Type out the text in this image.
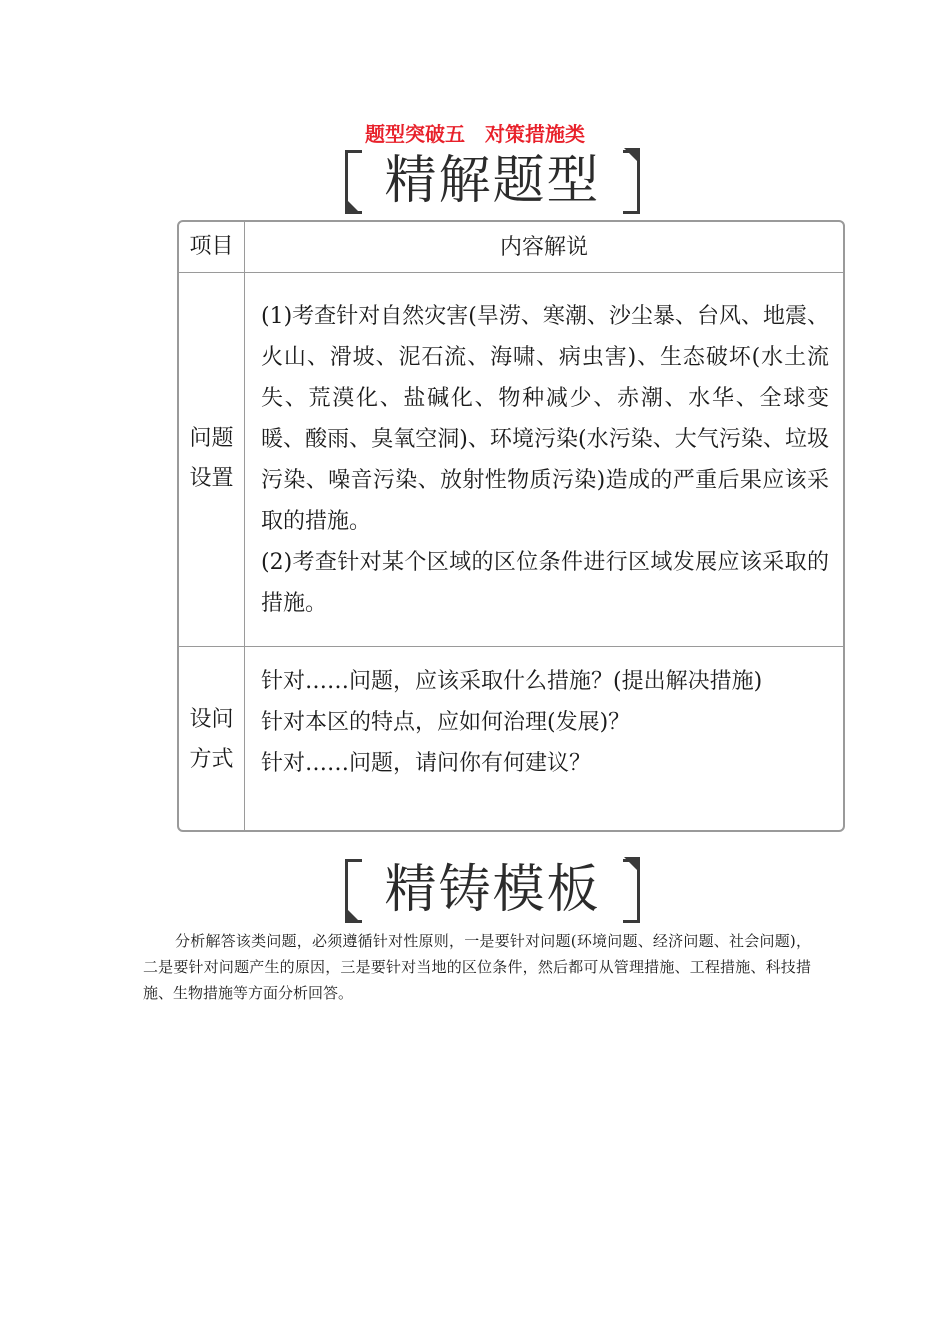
题型突破五　对策措施类
精解题型
项目	内容解说
问题设置

(1)考查针对自然灾害(旱涝、寒潮、沙尘暴、台风、地震、火山、滑坡、泥石流、海啸、病虫害)、生态破坏(水土流失、荒漠化、盐碱化、物种减少、赤潮、水华、全球变暖、酸雨、臭氧空洞)、环境污染(水污染、大气污染、垃圾污染、噪音污染、放射性物质污染)造成的严重后果应该采取的措施。

(2)考查针对某个区域的区位条件进行区域发展应该采取的措施。

设问方式

针对……问题，应该采取什么措施？(提出解决措施)

针对本区的特点，应如何治理(发展)？

针对……问题，请问你有何建议？

精铸模板

分析解答该类问题，必须遵循针对性原则，一是要针对问题(环境问题、经济问题、社会问题)，二是要针对问题产生的原因，三是要针对当地的区位条件，然后都可从管理措施、工程措施、科技措施、生物措施等方面分析回答。
